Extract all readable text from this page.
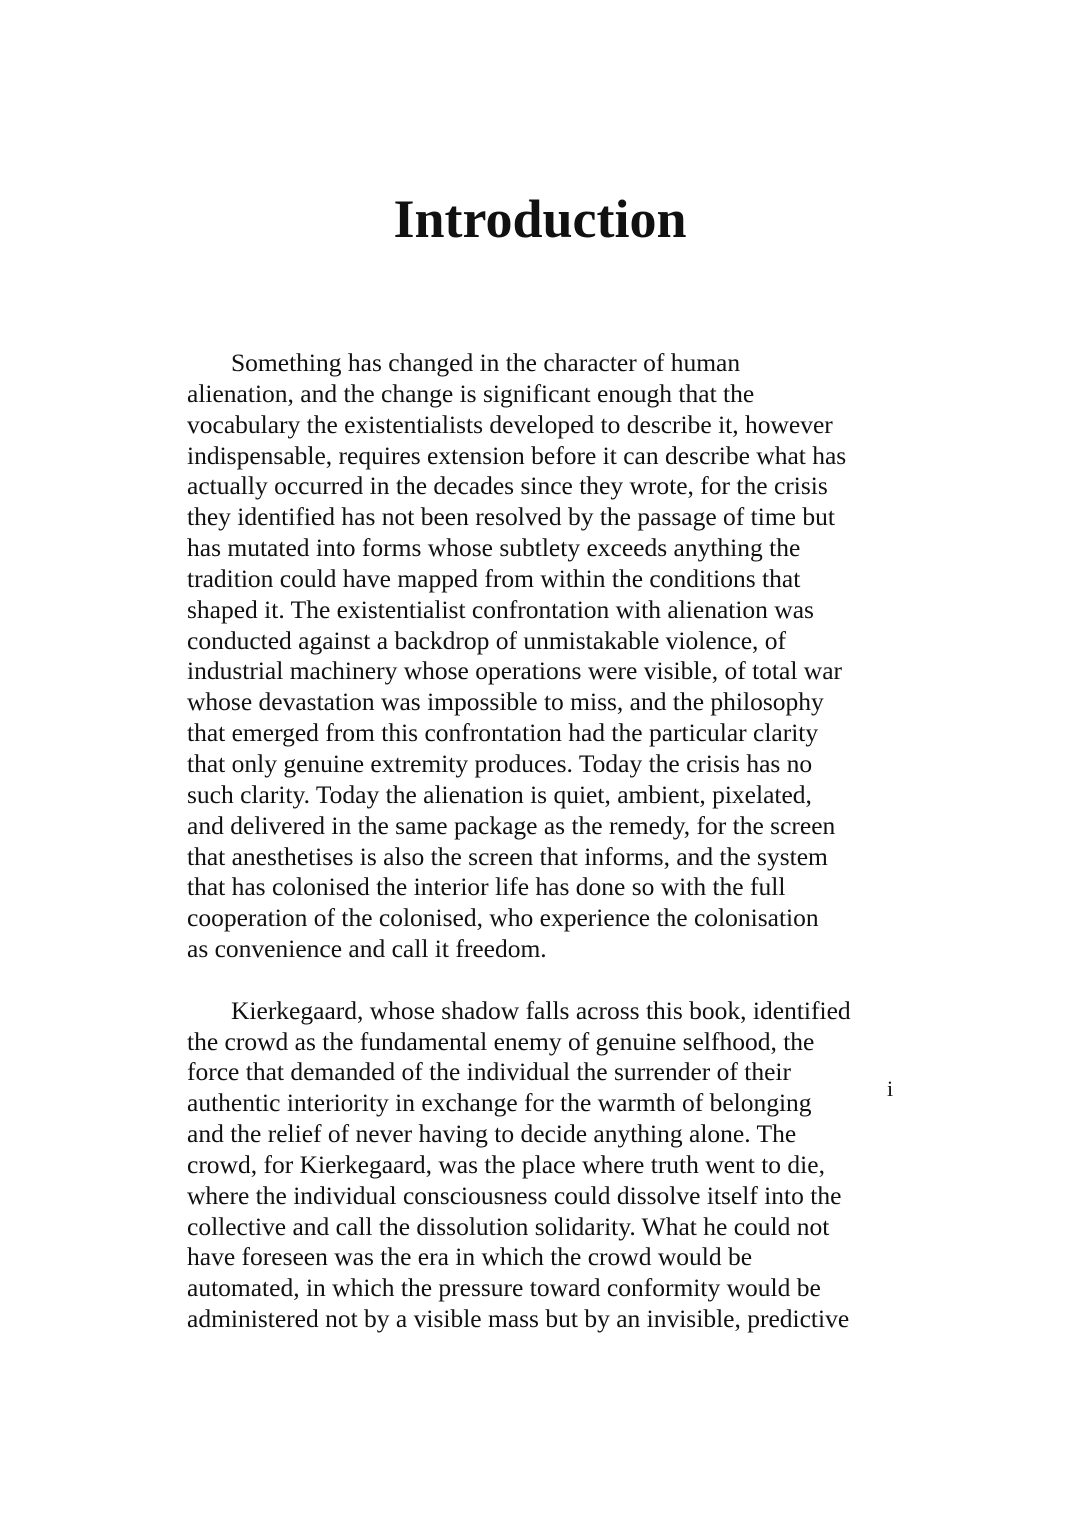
Introduction
Something has changed in the character of human
alienation, and the change is significant enough that the
vocabulary the existentialists developed to describe it, however
indispensable, requires extension before it can describe what has
actually occurred in the decades since they wrote, for the crisis
they identified has not been resolved by the passage of time but
has mutated into forms whose subtlety exceeds anything the
tradition could have mapped from within the conditions that
shaped it. The existentialist confrontation with alienation was
conducted against a backdrop of unmistakable violence, of
industrial machinery whose operations were visible, of total war
whose devastation was impossible to miss, and the philosophy
that emerged from this confrontation had the particular clarity
that only genuine extremity produces. Today the crisis has no
such clarity. Today the alienation is quiet, ambient, pixelated,
and delivered in the same package as the remedy, for the screen
that anesthetises is also the screen that informs, and the system
that has colonised the interior life has done so with the full
cooperation of the colonised, who experience the colonisation
as convenience and call it freedom.
Kierkegaard, whose shadow falls across this book, identified
the crowd as the fundamental enemy of genuine selfhood, the
force that demanded of the individual the surrender of their
authentic interiority in exchange for the warmth of belonging
and the relief of never having to decide anything alone. The
crowd, for Kierkegaard, was the place where truth went to die,
where the individual consciousness could dissolve itself into the
collective and call the dissolution solidarity. What he could not
have foreseen was the era in which the crowd would be
automated, in which the pressure toward conformity would be
administered not by a visible mass but by an invisible, predictive
i
